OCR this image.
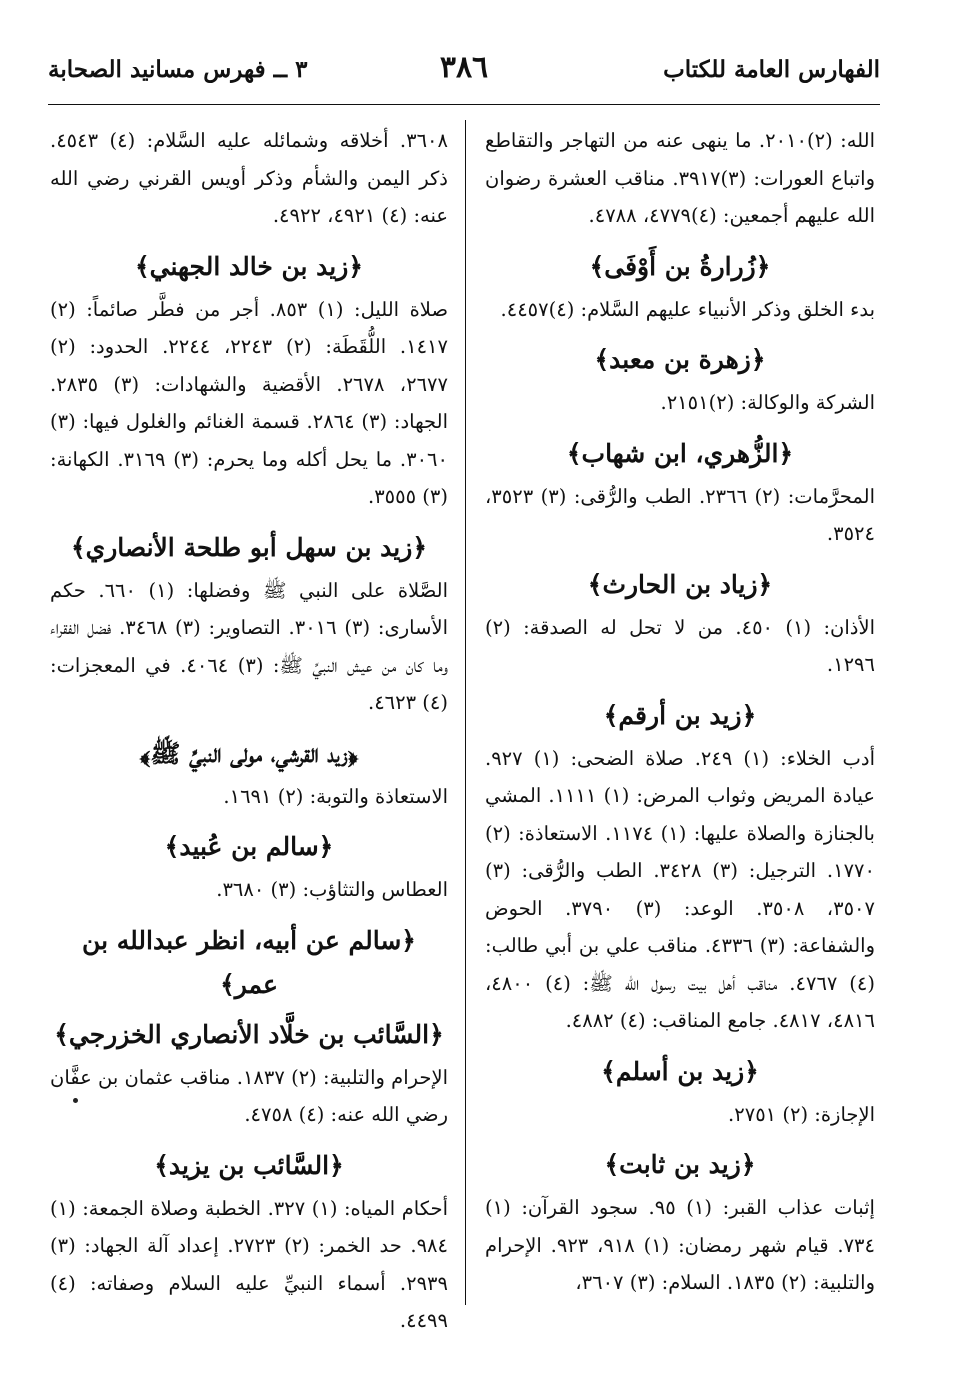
الفهارس العامة للكتاب
٣٨٦
٣ ــ فهرس مسانيد الصحابة
الله: (٢)٢٠١٠. ما ينهى عنه من التهاجر والتقاطع واتباع العورات: (٣)٣٩١٧. مناقب العشرة رضوان الله عليهم أجمعين: (٤)٤٧٧٩، ٤٧٨٨.
﴿زُرارةُ بن أَوْفَى﴾
بدء الخلق وذكر الأنبياء عليهم السَّلام: (٤)٤٤٥٧.
﴿زهرة بن معبد﴾
الشركة والوكالة: (٢)٢١٥١.
﴿الزُّهري، ابن شهاب﴾
المحرَّمات: (٢) ٢٣٦٦. الطب والرُّقى: (٣) ٣٥٢٣، ٣٥٢٤.
﴿زياد بن الحارث﴾
الأذان: (١) ٤٥٠. من لا تحل له الصدقة: (٢) ١٢٩٦.
﴿زيد بن أرقم﴾
أدب الخلاء: (١) ٢٤٩. صلاة الضحى: (١) ٩٢٧. عيادة المريض وثواب المرض: (١) ١١١١. المشي بالجنازة والصلاة عليها: (١) ١١٧٤. الاستعاذة: (٢) ١٧٧٠. الترجيل: (٣) ٣٤٢٨. الطب والرُّقى: (٣) ٣٥٠٧، ٣٥٠٨. الوعد: (٣) ٣٧٩٠. الحوض والشفاعة: (٣) ٤٣٣٦. مناقب علي بن أبي طالب: (٤) ٤٧٦٧. مناقب أهل بيت رسول الله ﷺ: (٤) ٤٨٠٠، ٤٨١٦، ٤٨١٧. جامع المناقب: (٤) ٤٨٨٢.
﴿زيد بن أسلم﴾
الإجازة: (٢) ٢٧٥١.
﴿زيد بن ثابت﴾
إثبات عذاب القبر: (١) ٩٥. سجود القرآن: (١) ٧٣٤. قيام شهر رمضان: (١) ٩١٨، ٩٢٣. الإحرام والتلبية: (٢) ١٨٣٥. السلام: (٣) ٣٦٠٧،
٣٦٠٨. أخلاقه وشمائله عليه السَّلام: (٤) ٤٥٤٣. ذكر اليمن والشأم وذكر أويس القرني رضي الله عنه: (٤) ٤٩٢١، ٤٩٢٢.
﴿زيد بن خالد الجهني﴾
صلاة الليل: (١) ٨٥٣. أجر من فطَّر صائماً: (٢) ١٤١٧. اللُّقَطَة: (٢) ٢٢٤٣، ٢٢٤٤. الحدود: (٢) ٢٦٧٧، ٢٦٧٨. الأقضية والشهادات: (٣) ٢٨٣٥. الجهاد: (٣) ٢٨٦٤. قسمة الغنائم والغلول فيها: (٣) ٣٠٦٠. ما يحل أكله وما يحرم: (٣) ٣١٦٩. الكهانة: (٣) ٣٥٥٥.
﴿زيد بن سهل أبو طلحة الأنصاري﴾
الصَّلاة على النبي ﷺ وفضلها: (١) ٦٦٠. حكم الأسارى: (٣) ٣٠١٦. التصاوير: (٣) ٣٤٦٨. فضل الفقراء وما كان من عيش النبيِّ ﷺ: (٣) ٤٠٦٤. في المعجزات: (٤) ٤٦٢٣.
﴿زيد القرشي، مولى النبيِّ ﷺ﴾
الاستعاذة والتوبة: (٢) ١٦٩١.
﴿سالم بن عُبيد﴾
العطاس والتثاؤب: (٣) ٣٦٨٠.
﴿سالم عن أبيه، انظر عبدالله بن عمر﴾
﴿السَّائب بن خلَّاد الأنصاري الخزرجي﴾
الإحرام والتلبية: (٢) ١٨٣٧. مناقب عثمان بن عفَّان رضي الله عنه: (٤) ٤٧٥٨.
﴿السَّائب بن يزيد﴾
أحكام المياه: (١) ٣٢٧. الخطبة وصلاة الجمعة: (١) ٩٨٤. حد الخمر: (٢) ٢٧٢٣. إعداد آلة الجهاد: (٣) ٢٩٣٩. أسماء النبيِّ عليه السلام وصفاته: (٤) ٤٤٩٩.
